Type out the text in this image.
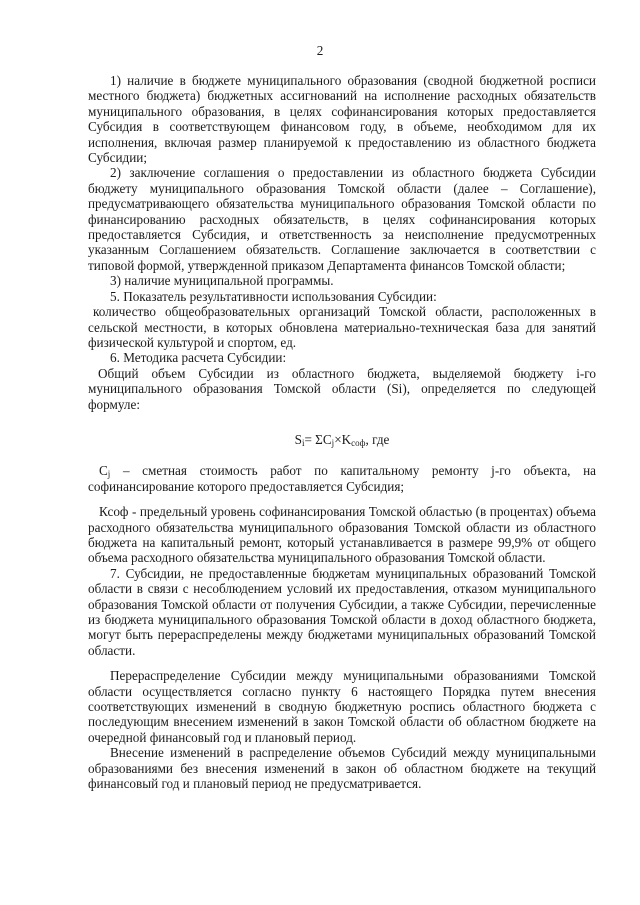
2

1) наличие в бюджете муниципального образования (сводной бюджетной росписи местного бюджета) бюджетных ассигнований на исполнение расходных обязательств муниципального образования, в целях софинансирования которых предоставляется Субсидия в соответствующем финансовом году, в объеме, необходимом для их исполнения, включая размер планируемой к предоставлению из областного бюджета Субсидии;

2) заключение соглашения о предоставлении из областного бюджета Субсидии бюджету муниципального образования Томской области (далее – Соглашение), предусматривающего обязательства муниципального образования Томской области по финансированию расходных обязательств, в целях софинансирования которых предоставляется Субсидия, и ответственность за неисполнение предусмотренных указанным Соглашением обязательств. Соглашение заключается в соответствии с типовой формой, утвержденной приказом Департамента финансов Томской области;

3) наличие муниципальной программы.

5. Показатель результативности использования Субсидии:

количество общеобразовательных организаций Томской области, расположенных в сельской местности, в которых обновлена материально-техническая база для занятий физической культурой и спортом, ед.

6. Методика расчета Субсидии:

Общий объем Субсидии из областного бюджета, выделяемой бюджету i-го муниципального образования Томской области (Si), определяется по следующей формуле:

$S_i= \Sigma C_j\times K_{соф}$, где

$C_j$ – сметная стоимость работ по капитальному ремонту j-го объекта, на софинансирование которого предоставляется Субсидия;

Ксоф - предельный уровень софинансирования Томской областью (в процентах) объема расходного обязательства муниципального образования Томской области из областного бюджета на капитальный ремонт, который устанавливается в размере 99,9% от общего объема расходного обязательства муниципального образования Томской области.

7. Субсидии, не предоставленные бюджетам муниципальных образований Томской области в связи с несоблюдением условий их предоставления, отказом муниципального образования Томской области от получения Субсидии, а также Субсидии, перечисленные из бюджета муниципального образования Томской области в доход областного бюджета, могут быть перераспределены между бюджетами муниципальных образований Томской области.

Перераспределение Субсидии между муниципальными образованиями Томской области осуществляется согласно пункту 6 настоящего Порядка путем внесения соответствующих изменений в сводную бюджетную роспись областного бюджета с последующим внесением изменений в закон Томской области об областном бюджете на очередной финансовый год и плановый период.

Внесение изменений в распределение объемов Субсидий между муниципальными образованиями без внесения изменений в закон об областном бюджете на текущий финансовый год и плановый период не предусматривается.
